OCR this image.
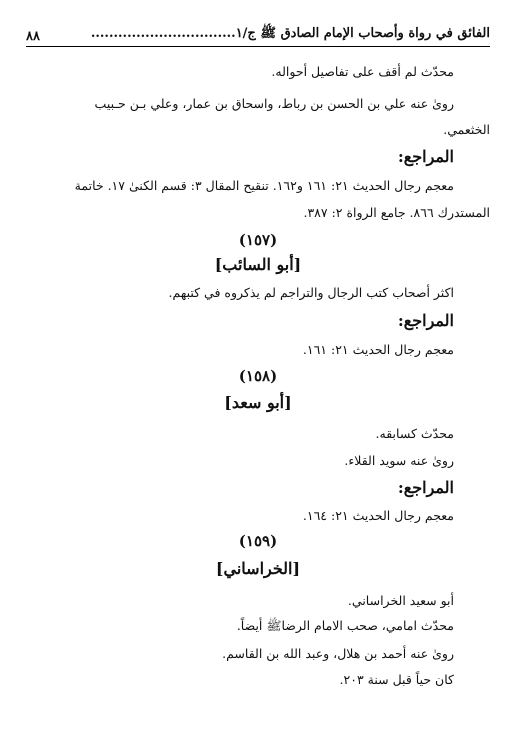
الفائق في رواة وأصحاب الإمام الصادق ﷺ ج/١................................
٨٨
محدّث لم أقف على تفاصيل أحواله.
روىٰ عنه علي بن الحسن بن رباط، واسحاق بن عمار، وعلي بـن حـبيب
الخثعمي.
المراجع:
معجم رجال الحديث ٢١: ١٦١ و١٦٢. تنقيح المقال ٣: قسم الكنىٰ ١٧. خاتمة
المستدرك ٨٦٦. جامع الرواة ٢: ٣٨٧.
(١٥٧)
[أبو السائب]
اكثر أصحاب كتب الرجال والتراجم لم يذكروه في كتبهم.
المراجع:
معجم رجال الحديث ٢١: ١٦١.
(١٥٨)
[أبو سعد]
محدّث كسابقه.
روىٰ عنه سويد القلاء.
المراجع:
معجم رجال الحديث ٢١: ١٦٤.
(١٥٩)
[الخراساني]
أبو سعيد الخراساني.
محدّث امامي، صحب الامام الرضاﷺ أيضاً.
روىٰ عنه أحمد بن هلال، وعبد الله بن القاسم.
كان حياً قبل سنة ٢٠٣.
